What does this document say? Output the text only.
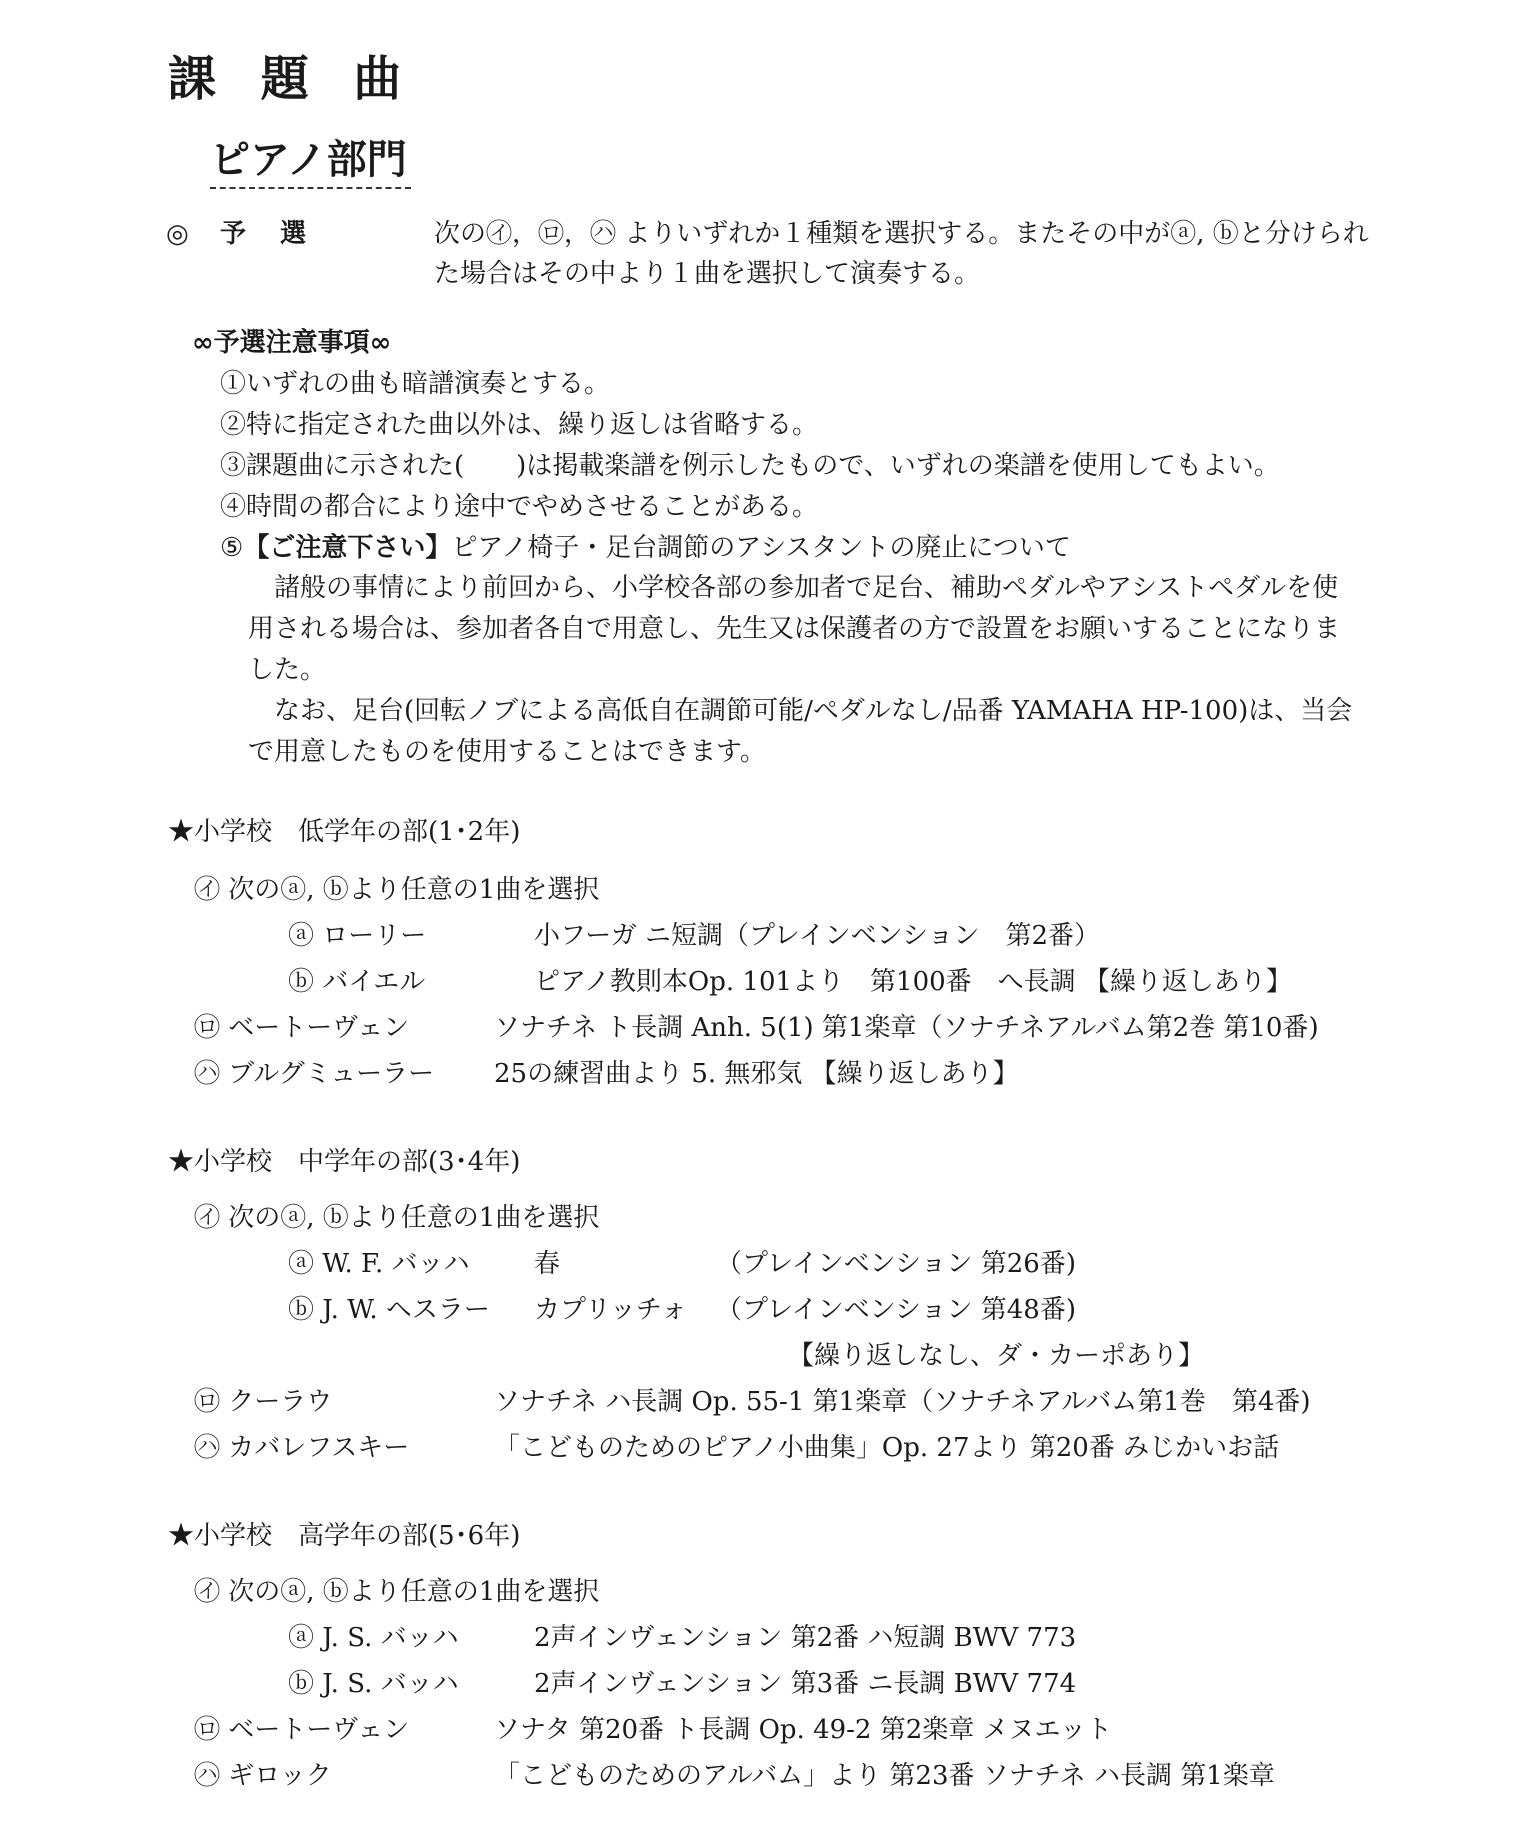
課 題 曲
ピアノ部門
◎ 予　選	次の㋑，㋺，㋩ よりいずれか１種類を選択する。またその中がⓐ, ⓑと分けられ
た場合はその中より１曲を選択して演奏する。
∞予選注意事項∞
①いずれの曲も暗譜演奏とする。
②特に指定された曲以外は、繰り返しは省略する。
③課題曲に示された(　　)は掲載楽譜を例示したもので、いずれの楽譜を使用してもよい。
④時間の都合により途中でやめさせることがある。
⑤【ご注意下さい】ピアノ椅子・足台調節のアシスタントの廃止について
　諸般の事情により前回から、小学校各部の参加者で足台、補助ペダルやアシストペダルを使用される場合は、参加者各自で用意し、先生又は保護者の方で設置をお願いすることになりました。
　なお、足台(回転ノブによる高低自在調節可能/ペダルなし/品番 YAMAHA HP-100)は、当会で用意したものを使用することはできます。
★小学校　低学年の部(1･2年)
㋑ 次のⓐ, ⓑより任意の1曲を選択
ⓐ ローリー	小フーガ ニ短調（プレインベンション　第2番）
ⓑ バイエル	ピアノ教則本Op. 101より　第100番　へ長調 【繰り返しあり】
㋺ ベートーヴェン	ソナチネ ト長調 Anh. 5(1) 第1楽章（ソナチネアルバム第2巻 第10番)
㋩ ブルグミューラー 25の練習曲より 5. 無邪気 【繰り返しあり】
★小学校　中学年の部(3･4年)
㋑ 次のⓐ, ⓑより任意の1曲を選択
ⓐ W. F. バッハ 春	（プレインベンション 第26番)
ⓑ J. W. ヘスラー カプリッチォ （プレインベンション 第48番)
【繰り返しなし、ダ・カーポあり】
㋺ クーラウ	ソナチネ ハ長調 Op. 55-1 第1楽章（ソナチネアルバム第1巻　第4番)
㋩ カバレフスキー	「こどものためのピアノ小曲集」Op. 27より 第20番 みじかいお話
★小学校　高学年の部(5･6年)
㋑ 次のⓐ, ⓑより任意の1曲を選択
ⓐ J. S. バッハ	2声インヴェンション 第2番 ハ短調 BWV 773
ⓑ J. S. バッハ	2声インヴェンション 第3番 ニ長調 BWV 774
㋺ ベートーヴェン	ソナタ 第20番 ト長調 Op. 49-2 第2楽章 メヌエット
㋩ ギロック	「こどものためのアルバム」より 第23番 ソナチネ ハ長調 第1楽章
